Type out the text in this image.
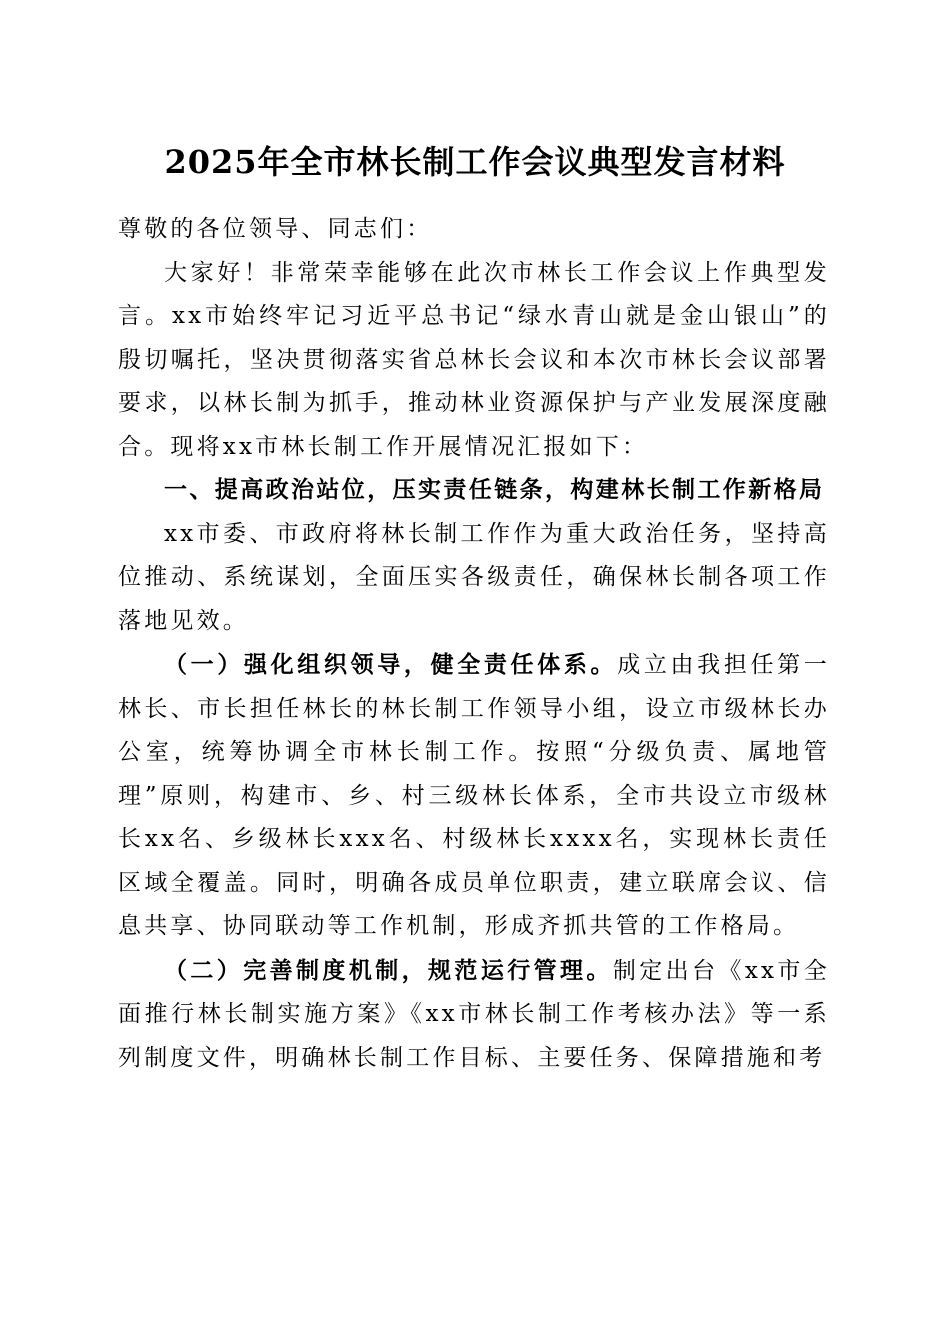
2025年全市林长制工作会议典型发言材料

尊敬的各位领导、同志们：

大家好！非常荣幸能够在此次市林长工作会议上作典型发言。xx市始终牢记习近平总书记“绿水青山就是金山银山”的殷切嘱托，坚决贯彻落实省总林长会议和本次市林长会议部署要求，以林长制为抓手，推动林业资源保护与产业发展深度融合。现将xx市林长制工作开展情况汇报如下：

一、提高政治站位，压实责任链条，构建林长制工作新格局

xx市委、市政府将林长制工作作为重大政治任务，坚持高位推动、系统谋划，全面压实各级责任，确保林长制各项工作落地见效。

（一）强化组织领导，健全责任体系。成立由我担任第一林长、市长担任林长的林长制工作领导小组，设立市级林长办公室，统筹协调全市林长制工作。按照“分级负责、属地管理”原则，构建市、乡、村三级林长体系，全市共设立市级林长xx名、乡级林长xxx名、村级林长xxxx名，实现林长责任区域全覆盖。同时，明确各成员单位职责，建立联席会议、信息共享、协同联动等工作机制，形成齐抓共管的工作格局。

（二）完善制度机制，规范运行管理。制定出台《xx市全面推行林长制实施方案》《xx市林长制工作考核办法》等一系列制度文件，明确林长制工作目标、主要任务、保障措施和考
